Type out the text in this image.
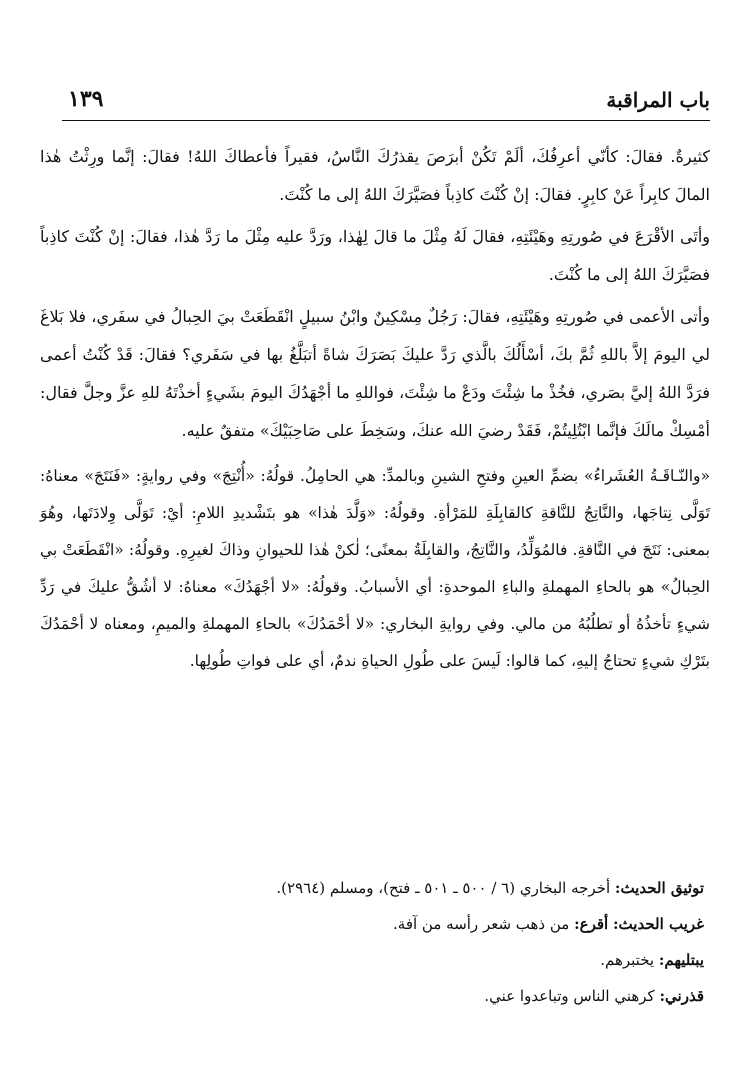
باب المراقبة
١٣٩

كثيرةٌ. فقالَ: كأنّي أعرِفُكَ، ألَمْ تَكُنْ أبرَصَ يقذرُكَ النَّاسُ، فقيراً فأعطاكَ اللهُ! فقالَ: إنَّما ورِثْتُ هٰذا المالَ كابِراً عَنْ كابِرٍ. فقالَ: إنْ كُنْتَ كاذِباً فصَيَّرَكَ اللهُ إلى ما كُنْتَ.

وأتَى الأقْرَعَ في صُورتِهِ وهَيْئَتِهِ، فقالَ لَهُ مِثْلَ ما قالَ لِهٰذا، ورَدَّ عليه مِثْلَ ما رَدَّ هٰذا، فقالَ: إنْ كُنْتَ كاذِباً فصَيَّرَكَ اللهُ إلى ما كُنْتَ.

وأتى الأعمى في صُورتِهِ وهَيْئَتِهِ، فقالَ: رَجُلٌ مِسْكِينٌ وابْنُ سبيلٍ انْقَطَعَتْ بيَ الحِبالُ في سفَري، فلا بَلاغَ لي اليومَ إلاَّ باللهِ ثُمَّ بكَ، أسْأَلُكَ بالَّذي رَدَّ عليكَ بَصَرَكَ شاةً أتبَلَّغُ بها في سَفَري؟ فقالَ: قَدْ كُنْتُ أعمى فرَدَّ اللهُ إليَّ بصَري، فخُذْ ما شِئْتَ ودَعْ ما شِئْتَ، فواللهِ ما أجْهَدُكَ اليومَ بشَيءٍ أخذْتَهُ للهِ عزَّ وجلَّ فقال: أمْسِكْ مالَكَ فإنَّما ابْتُلِيتُمْ، فَقَدْ رضيَ الله عنكَ، وسَخِطَ على صَاحِبَيْكَ» متفقٌ عليه.

«والنّـاقَـةُ العُشَراءُ» بضمِّ العينِ وفتحِ الشينِ وبالمدِّ: هي الحامِلُ. قولُهُ: «أُنْتِجَ» وفي روايةٍ: «فَنَتَجَ» معناهُ: تَوَلَّى نِتاجَها، والنَّاتِجُ للنَّاقةِ كالقابِلَةِ للمَرْأةِ. وقولُهُ: «وَلَّدَ هٰذا» هو بتَشْديدِ اللامِ: أيْ: تَوَلَّى وِلادَتَها، وهُوَ بمعنى: نَتَجَ في النَّاقةِ. فالمُوَلِّدُ، والنَّاتِجُ، والقابِلَةُ بمعنًى؛ لٰكنْ هٰذا للحيوانِ وذاكَ لغيرِهِ. وقولُهُ: «انْقَطَعَتْ بي الحِبالُ» هو بالحاءِ المهملةِ والباءِ الموحدةِ: أي الأسبابُ. وقولُهُ: «لا أجْهَدُكَ» معناهُ: لا أشُقُّ عليكَ في رَدِّ شيءٍ تأخذُهُ أو تطلُبُهُ من مالي. وفي روايةِ البخاري: «لا أحْمَدُكَ» بالحاءِ المهملةِ والميمِ، ومعناه لا أحْمَدُكَ بتَرْكِ شيءٍ تحتاجُ إليهِ، كما قالوا: لَيسَ على طُولِ الحياةِ ندمٌ، أي على فواتِ طُولِها.

توثيق الحديث: أخرجه البخاري (٦ / ٥٠٠ ـ ٥٠١ ـ فتح)، ومسلم (٢٩٦٤).

غريب الحديث: أقرع: من ذهب شعر رأسه من آفة.

يبتليهم: يختبرهم.

قذرني: كرهني الناس وتباعدوا عني.
